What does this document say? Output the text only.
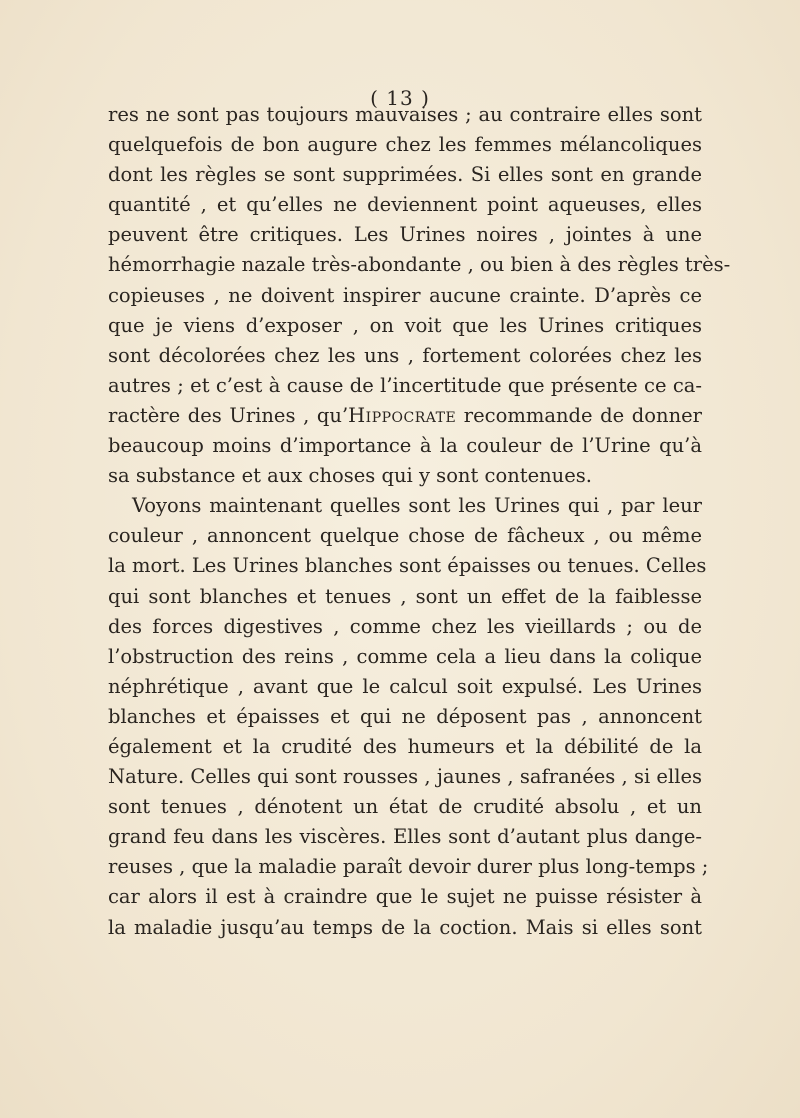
( 13 )
res ne sont pas toujours mauvaises ; au contraire elles sont
quelquefois de bon augure chez les femmes mélancoliques
dont les règles se sont supprimées. Si elles sont en grande
quantité , et qu’elles ne deviennent point aqueuses, elles
peuvent être critiques. Les Urines noires , jointes à une
hémorrhagie nazale très-abondante , ou bien à des règles très-
copieuses , ne doivent inspirer aucune crainte. D’après ce
que je viens d’exposer , on voit que les Urines critiques
sont décolorées chez les uns , fortement colorées chez les
autres ; et c’est à cause de l’incertitude que présente ce ca-
ractère des Urines , qu’Hippocrate recommande de donner
beaucoup moins d’importance à la couleur de l’Urine qu’à
sa substance et aux choses qui y sont contenues.
Voyons maintenant quelles sont les Urines qui , par leur
couleur , annoncent quelque chose de fâcheux , ou même
la mort. Les Urines blanches sont épaisses ou tenues. Celles
qui sont blanches et tenues , sont un effet de la faiblesse
des forces digestives , comme chez les vieillards ; ou de
l’obstruction des reins , comme cela a lieu dans la colique
néphrétique , avant que le calcul soit expulsé. Les Urines
blanches et épaisses et qui ne déposent pas , annoncent
également et la crudité des humeurs et la débilité de la
Nature. Celles qui sont rousses , jaunes , safranées , si elles
sont tenues , dénotent un état de crudité absolu , et un
grand feu dans les viscères. Elles sont d’autant plus dange-
reuses , que la maladie paraît devoir durer plus long-temps ;
car alors il est à craindre que le sujet ne puisse résister à
la maladie jusqu’au temps de la coction. Mais si elles sont
